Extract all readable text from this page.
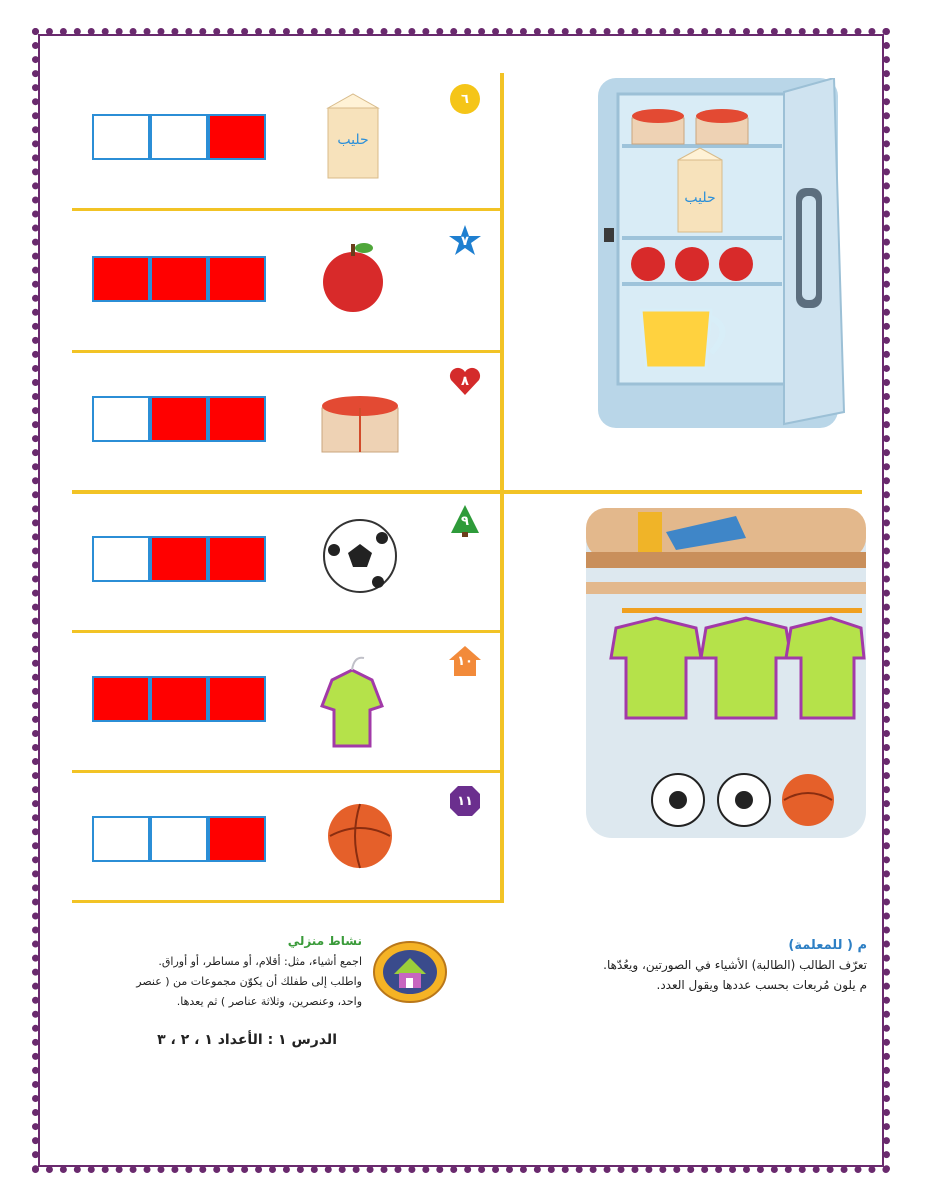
حليب
٦
٧
٨
٩
١٠
١١
حليب
م ( للمعلمة)
تعرّف الطالب (الطالبة) الأشياء في الصورتين، ويعُدّها.
م يلون مُربعات بحسب عددها ويقول العدد.
نشاط منزلي
اجمع أشياء، مثل: أقلام، أو مساطر، أو أوراق.
واطلب إلى طفلك أن يكوّن مجموعات من ( عنصر
واحد، وعنصرين، وثلاثة عناصر ) ثم يعدها.
الدرس ١ : الأعداد ١ ، ٢ ، ٣
